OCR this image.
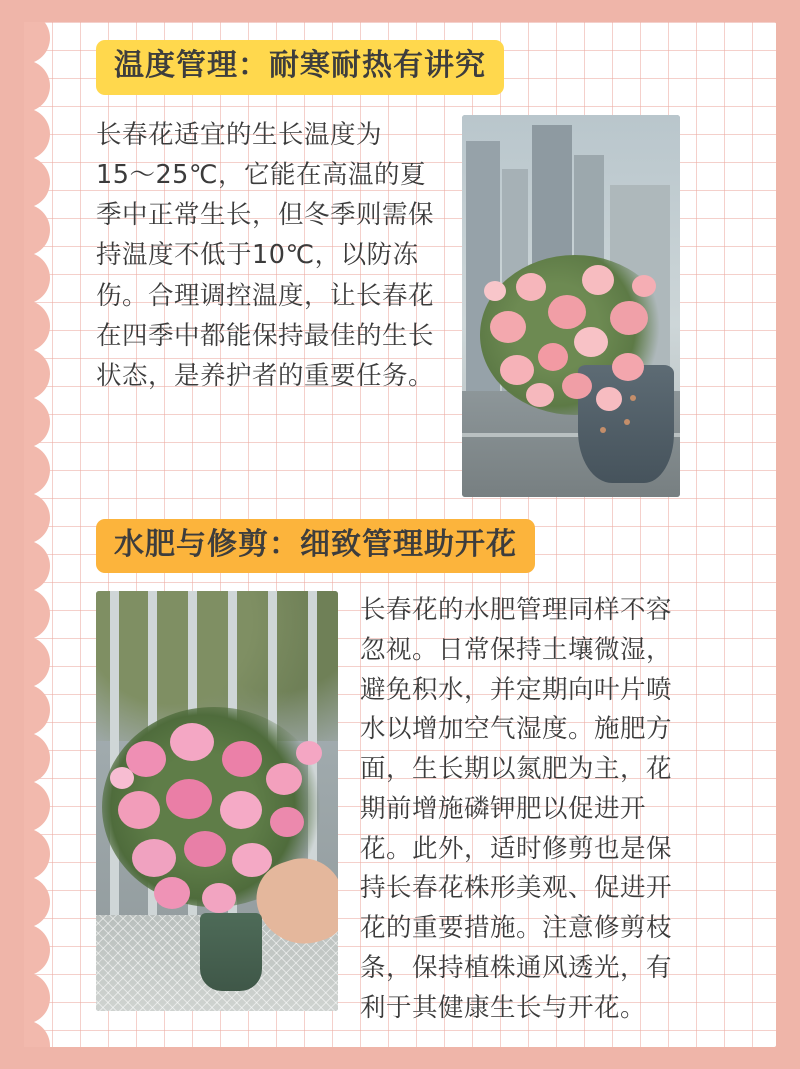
温度管理：耐寒耐热有讲究
长春花适宜的生长温度为15〜25℃，它能在高温的夏季中正常生长，但冬季则需保持温度不低于10℃，以防冻伤。合理调控温度，让长春花在四季中都能保持最佳的生长状态，是养护者的重要任务。
水肥与修剪：细致管理助开花
长春花的水肥管理同样不容忽视。日常保持土壤微湿，避免积水，并定期向叶片喷水以增加空气湿度。施肥方面，生长期以氮肥为主，花期前增施磷钾肥以促进开花。此外，适时修剪也是保持长春花株形美观、促进开花的重要措施。注意修剪枝条，保持植株通风透光，有利于其健康生长与开花。
